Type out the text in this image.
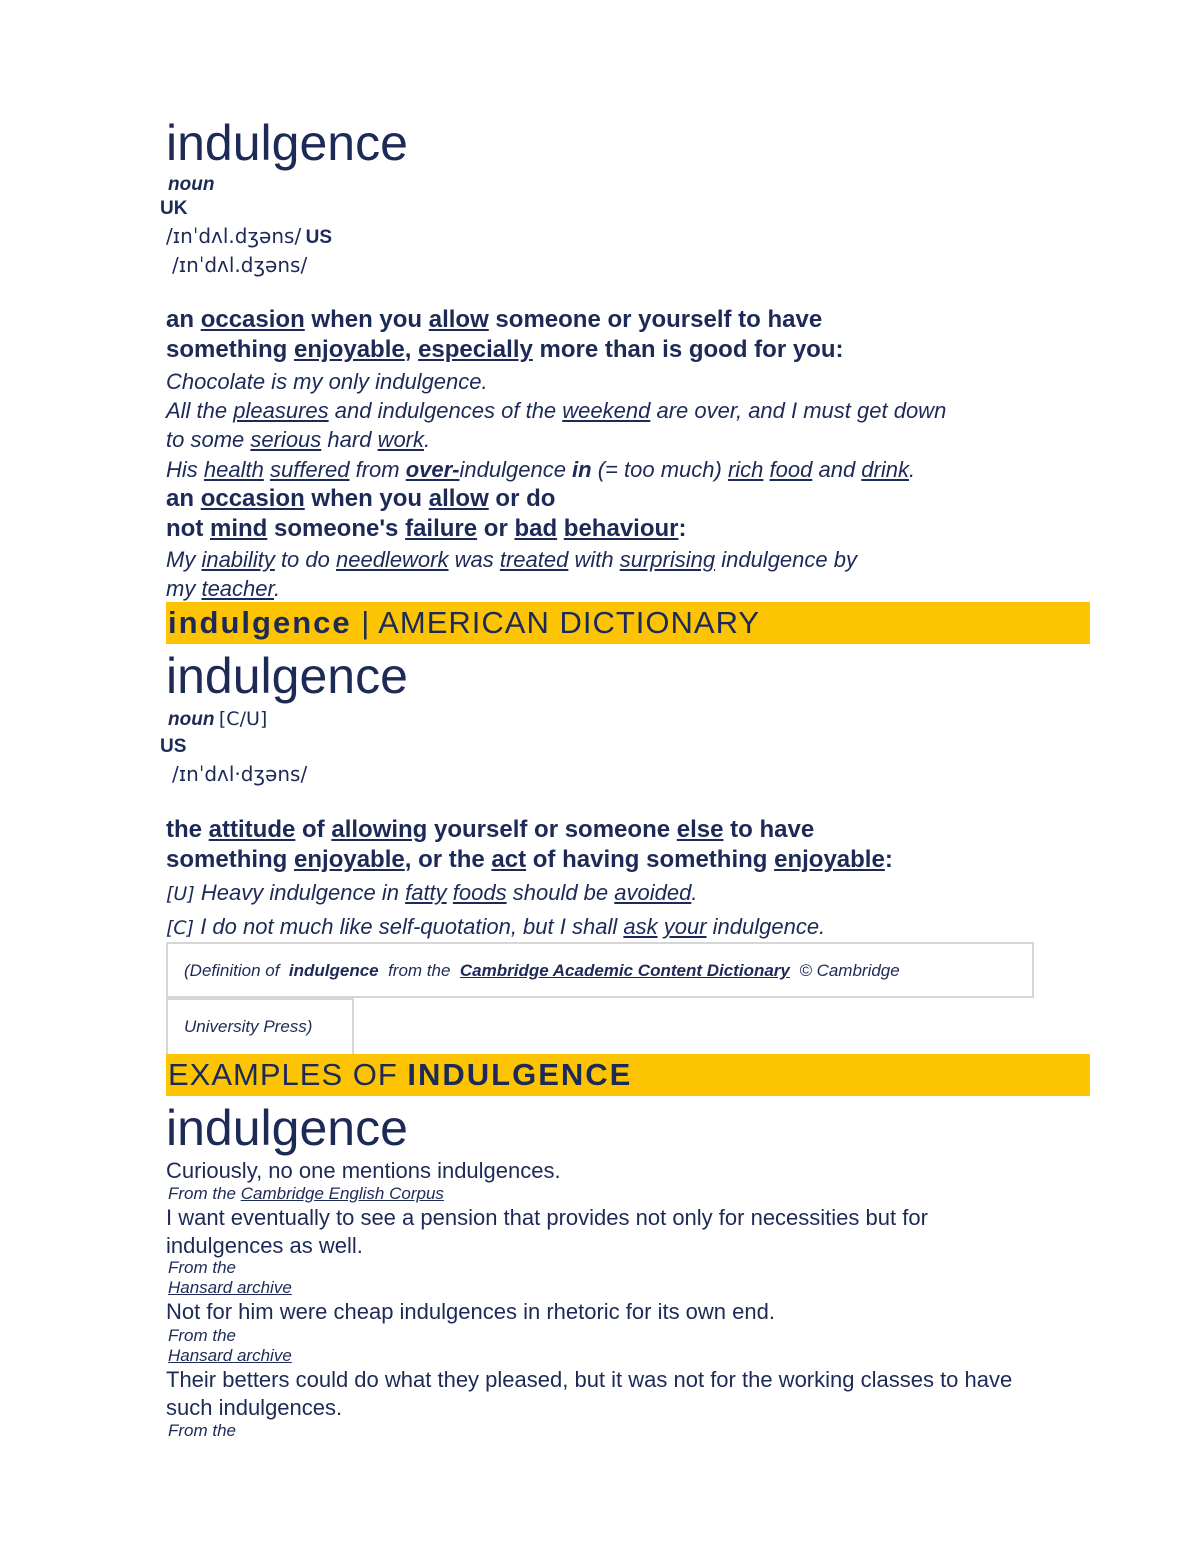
indulgence
noun
UK
/ɪnˈdʌl.dʒəns/ US
/ɪnˈdʌl.dʒəns/
an occasion when you allow someone or yourself to have
something enjoyable, especially more than is good for you:
Chocolate is my only indulgence.
All the pleasures and indulgences of the weekend are over, and I must get down
to some serious hard work.
His health suffered from over-indulgence in (= too much) rich food and drink.
an occasion when you allow or do
not mind someone's failure or bad behaviour:
My inability to do needlework was treated with surprising indulgence by
my teacher.
indulgence | AMERICAN DICTIONARY
indulgence
noun [C/U]
US
/ɪnˈdʌl·dʒəns/
the attitude of allowing yourself or someone else to have
something enjoyable, or the act of having something enjoyable:
[U] Heavy indulgence in fatty foods should be avoided.
[C] I do not much like self-quotation, but I shall ask your indulgence.
(Definition of  indulgence  from the  Cambridge Academic Content Dictionary  © Cambridge
University Press)
EXAMPLES OF INDULGENCE
indulgence
Curiously, no one mentions indulgences.
From the Cambridge English Corpus
I want eventually to see a pension that provides not only for necessities but for
indulgences as well.
From the
Hansard archive
Not for him were cheap indulgences in rhetoric for its own end.
From the
Hansard archive
Their betters could do what they pleased, but it was not for the working classes to have
such indulgences.
From the
